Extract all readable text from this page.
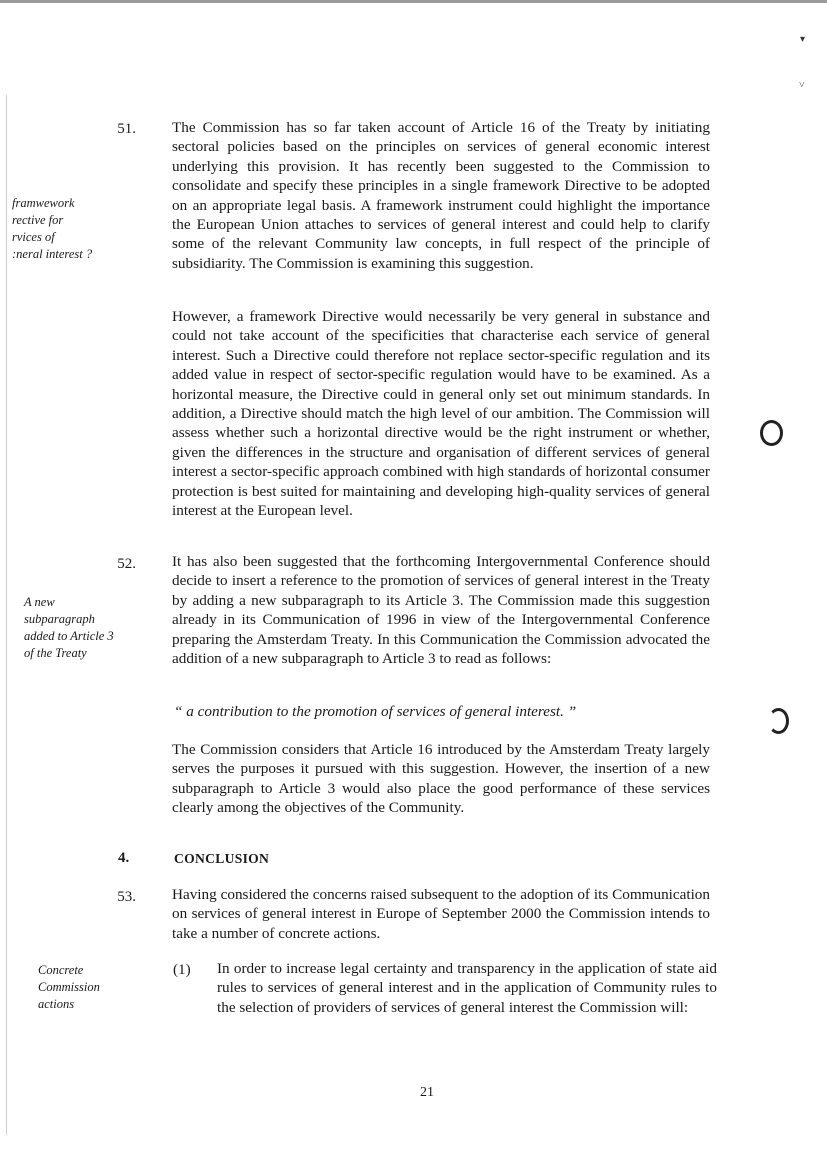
▾
˅
51.
framwework
rective for
rvices of
:neral interest ?
The Commission has so far taken account of Article 16 of the Treaty by initiating sectoral policies based on the principles on services of general economic interest underlying this provision. It has recently been suggested to the Commission to consolidate and specify these principles in a single framework Directive to be adopted on an appropriate legal basis. A framework instrument could highlight the importance the European Union attaches to services of general interest and could help to clarify some of the relevant Community law concepts, in full respect of the principle of subsidiarity. The Commission is examining this suggestion.
However, a framework Directive would necessarily be very general in substance and could not take account of the specificities that characterise each service of general interest. Such a Directive could therefore not replace sector-specific regulation and its added value in respect of sector-specific regulation would have to be examined. As a horizontal measure, the Directive could in general only set out minimum standards. In addition, a Directive should match the high level of our ambition. The Commission will assess whether such a horizontal directive would be the right instrument or whether, given the differences in the structure and organisation of different services of general interest a sector-specific approach combined with high standards of horizontal consumer protection is best suited for maintaining and developing high-quality services of general interest at the European level.
52.
A new
subparagraph
added to Article 3
of the Treaty
It has also been suggested that the forthcoming Intergovernmental Conference should decide to insert a reference to the promotion of services of general interest in the Treaty by adding a new subparagraph to its Article 3. The Commission made this suggestion already in its Communication of 1996 in view of the Intergovernmental Conference preparing the Amsterdam Treaty. In this Communication the Commission advocated the addition of a new subparagraph to Article 3 to read as follows:
“ a contribution to the promotion of services of general interest. ”
The Commission considers that Article 16 introduced by the Amsterdam Treaty largely serves the purposes it pursued with this suggestion. However, the insertion of a new subparagraph to Article 3 would also place the good performance of these services clearly among the objectives of the Community.
4.	CONCLUSION
53.
Concrete
Commission
actions
Having considered the concerns raised subsequent to the adoption of its Communication on services of general interest in Europe of September 2000 the Commission intends to take a number of concrete actions.
(1) In order to increase legal certainty and transparency in the application of state aid rules to services of general interest and in the application of Community rules to the selection of providers of services of general interest the Commission will:
21
